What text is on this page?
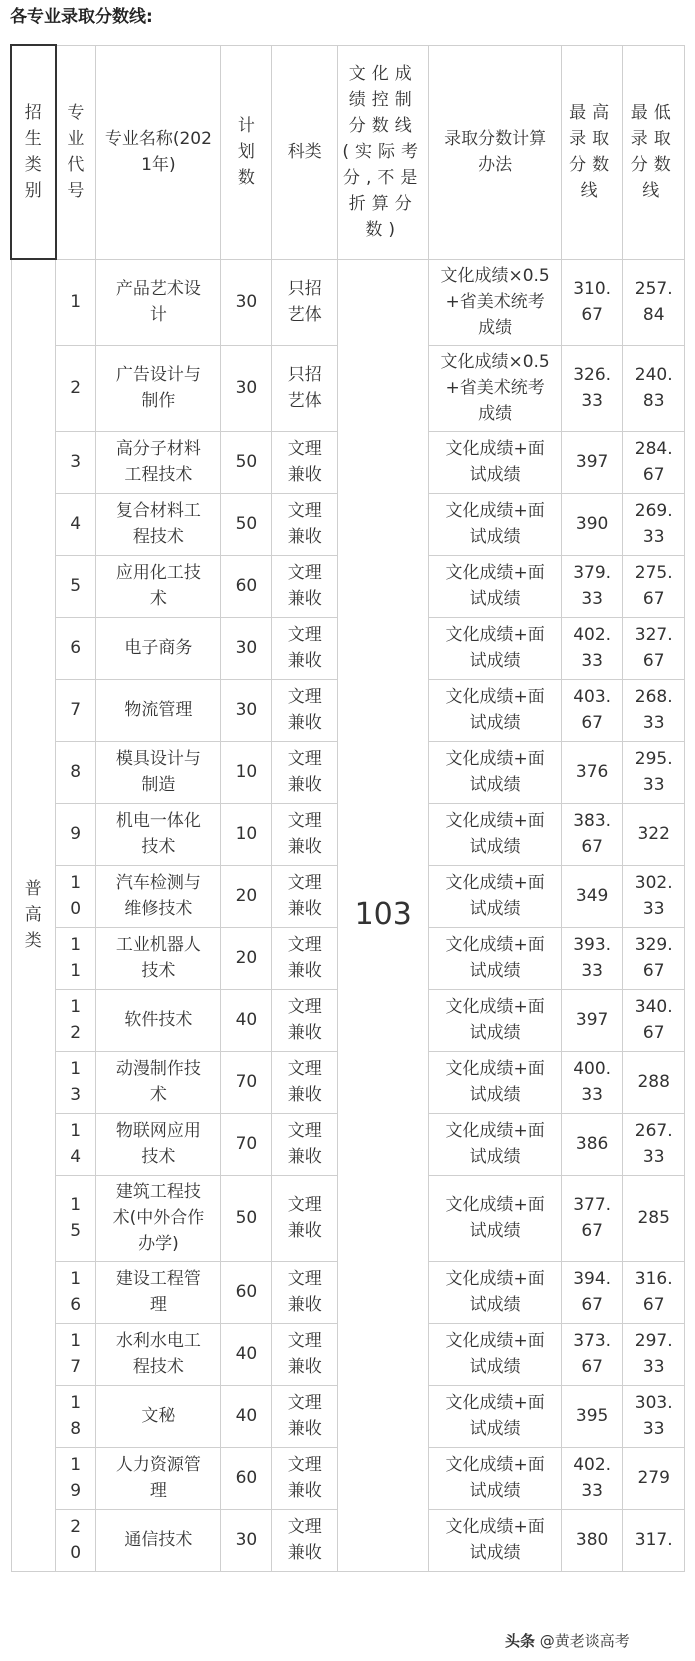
各专业录取分数线:
招生类别	专业代号	专业名称(2021年)	计划数	科类	文化成绩控制分数线(实际考分,不是折算分数)	录取分数计算办法	最高录取分数线	最低录取分数线

普高类	1	产品艺术设计	30	只招艺体	103	文化成绩×0.5+省美术统考成绩	310.67	257.84

	2	广告设计与制作	30	只招艺体		文化成绩×0.5+省美术统考成绩	326.33	240.83

	3	高分子材料工程技术	50	文理兼收		文化成绩+面试成绩	397	284.67

	4	复合材料工程技术	50	文理兼收		文化成绩+面试成绩	390	269.33

	5	应用化工技术	60	文理兼收		文化成绩+面试成绩	379.33	275.67

	6	电子商务	30	文理兼收		文化成绩+面试成绩	402.33	327.67

	7	物流管理	30	文理兼收		文化成绩+面试成绩	403.67	268.33

	8	模具设计与制造	10	文理兼收		文化成绩+面试成绩	376	295.33

	9	机电一体化技术	10	文理兼收		文化成绩+面试成绩	383.67	322

	10	汽车检测与维修技术	20	文理兼收		文化成绩+面试成绩	349	302.33

	11	工业机器人技术	20	文理兼收		文化成绩+面试成绩	393.33	329.67

	12	软件技术	40	文理兼收		文化成绩+面试成绩	397	340.67

	13	动漫制作技术	70	文理兼收		文化成绩+面试成绩	400.33	288

	14	物联网应用技术	70	文理兼收		文化成绩+面试成绩	386	267.33

	15	建筑工程技术(中外合作办学)	50	文理兼收		文化成绩+面试成绩	377.67	285

	16	建设工程管理	60	文理兼收		文化成绩+面试成绩	394.67	316.67

	17	水利水电工程技术	40	文理兼收		文化成绩+面试成绩	373.67	297.33

	18	文秘	40	文理兼收		文化成绩+面试成绩	395	303.33

	19	人力资源管理	60	文理兼收		文化成绩+面试成绩	402.33	279

	20	通信技术	30	文理兼收		文化成绩+面试成绩	380	317.
头条 @黄老谈高考
